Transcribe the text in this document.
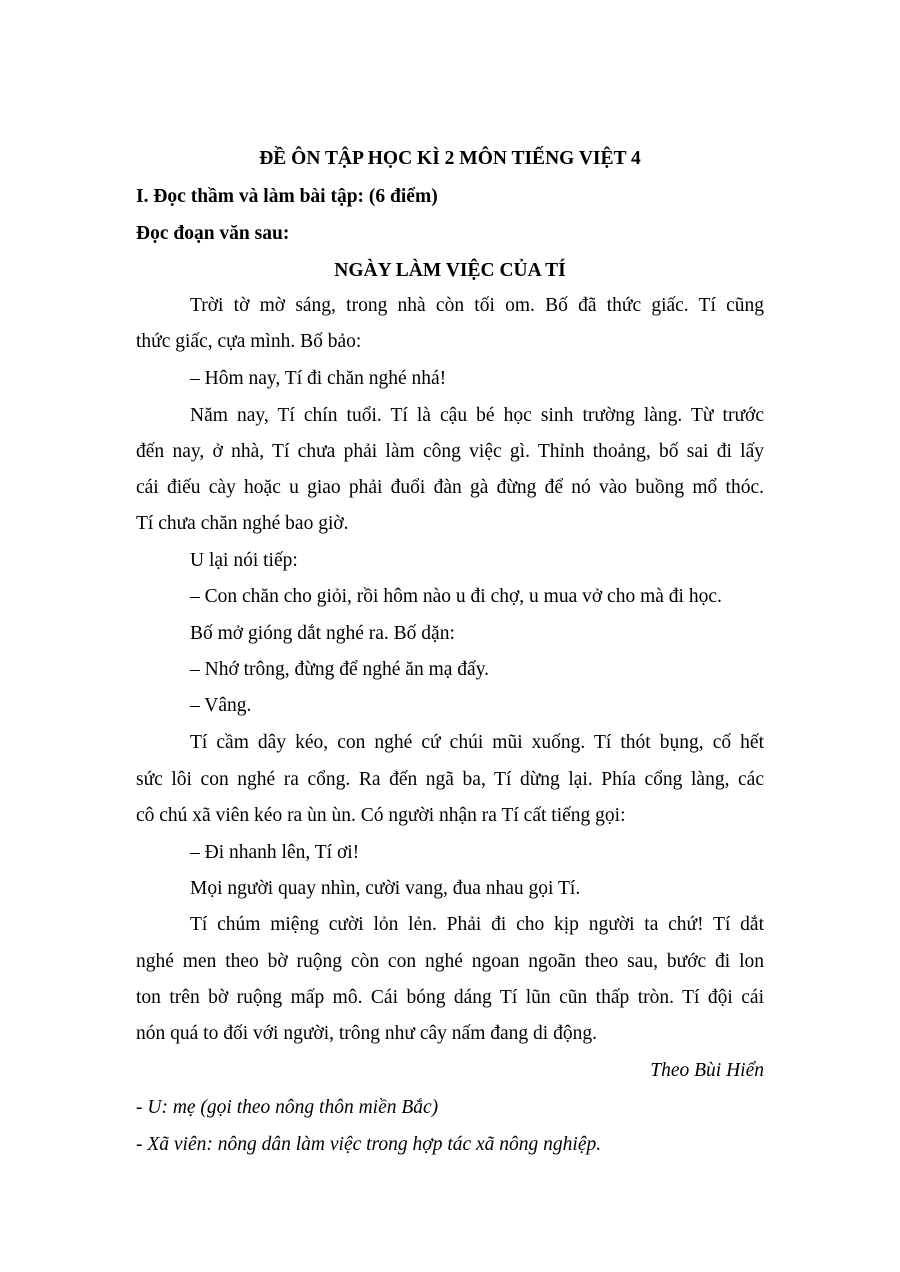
ĐỀ ÔN TẬP HỌC KÌ 2 MÔN TIẾNG VIỆT 4
I. Đọc thầm và làm bài tập: (6 điểm)
Đọc đoạn văn sau:
NGÀY LÀM VIỆC CỦA TÍ
Trời tờ mờ sáng, trong nhà còn tối om. Bố đã thức giấc. Tí cũng
thức giấc, cựa mình. Bố bảo:
– Hôm nay, Tí đi chăn nghé nhá!
Năm nay, Tí chín tuổi. Tí là cậu bé học sinh trường làng. Từ trước
đến nay, ở nhà, Tí chưa phải làm công việc gì. Thỉnh thoảng, bố sai đi lấy
cái điếu cày hoặc u giao phải đuổi đàn gà đừng để nó vào buồng mổ thóc.
Tí chưa chăn nghé bao giờ.
U lại nói tiếp:
– Con chăn cho giỏi, rồi hôm nào u đi chợ, u mua vở cho mà đi học.
Bố mở gióng dắt nghé ra. Bố dặn:
– Nhớ trông, đừng để nghé ăn mạ đấy.
– Vâng.
Tí cầm dây kéo, con nghé cứ chúi mũi xuống. Tí thót bụng, cố hết
sức lôi con nghé ra cổng. Ra đến ngã ba, Tí dừng lại. Phía cổng làng, các
cô chú xã viên kéo ra ùn ùn. Có người nhận ra Tí cất tiếng gọi:
– Đi nhanh lên, Tí ơi!
Mọi người quay nhìn, cười vang, đua nhau gọi Tí.
Tí chúm miệng cười lỏn lẻn. Phải đi cho kịp người ta chứ! Tí dắt
nghé men theo bờ ruộng còn con nghé ngoan ngoãn theo sau, bước đi lon
ton trên bờ ruộng mấp mô. Cái bóng dáng Tí lũn cũn thấp tròn. Tí đội cái
nón quá to đối với người, trông như cây nấm đang di động.
Theo Bùi Hiển
- U: mẹ (gọi theo nông thôn miền Bắc)
- Xã viên: nông dân làm việc trong hợp tác xã nông nghiệp.
